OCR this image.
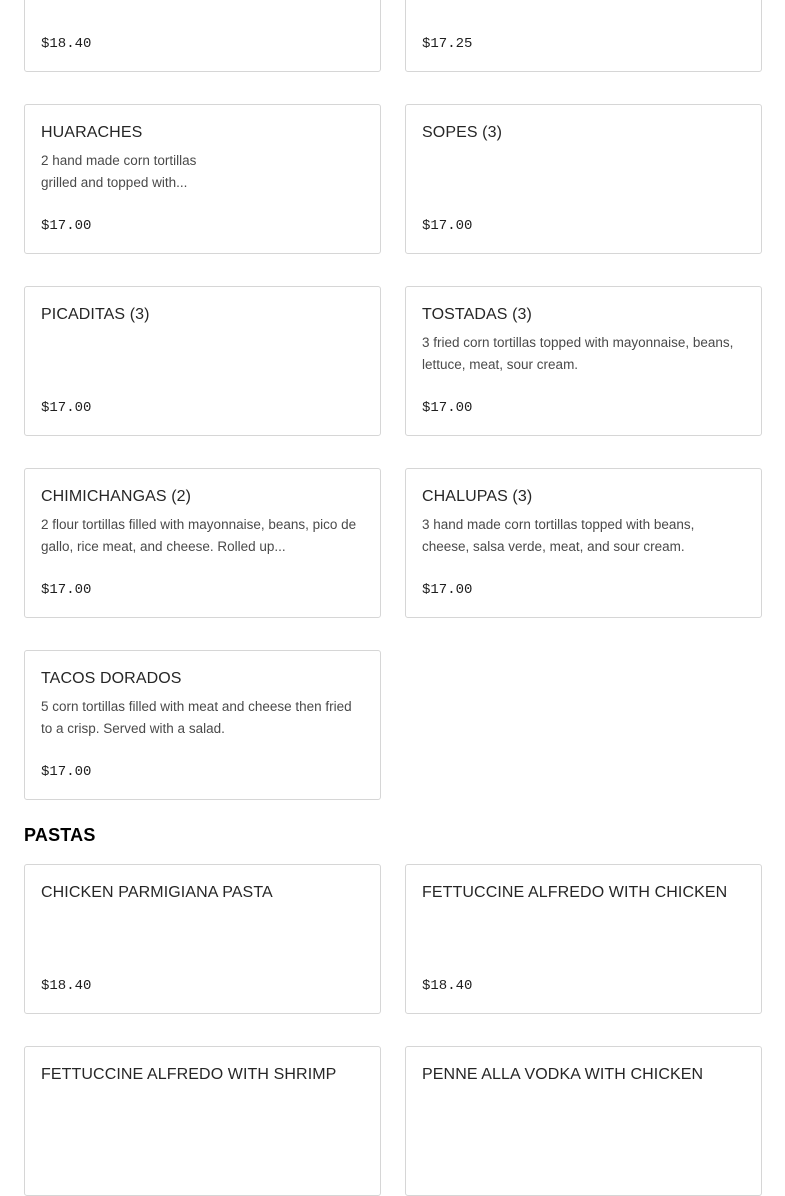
$18.40	$17.25
HUARACHES
2 hand made corn tortillas grilled and topped with...
$17.00
SOPES (3)
$17.00
PICADITAS (3)
$17.00
TOSTADAS (3)
3 fried corn tortillas topped with mayonnaise, beans, lettuce, meat, sour cream.
$17.00
CHIMICHANGAS (2)
2 flour tortillas filled with mayonnaise, beans, pico de gallo, rice meat, and cheese. Rolled up...
$17.00
CHALUPAS (3)
3 hand made corn tortillas topped with beans, cheese, salsa verde, meat, and sour cream.
$17.00
TACOS DORADOS
5 corn tortillas filled with meat and cheese then fried to a crisp. Served with a salad.
$17.00
PASTAS
CHICKEN PARMIGIANA PASTA
$18.40
FETTUCCINE ALFREDO WITH CHICKEN
$18.40
FETTUCCINE ALFREDO WITH SHRIMP	PENNE ALLA VODKA WITH CHICKEN
